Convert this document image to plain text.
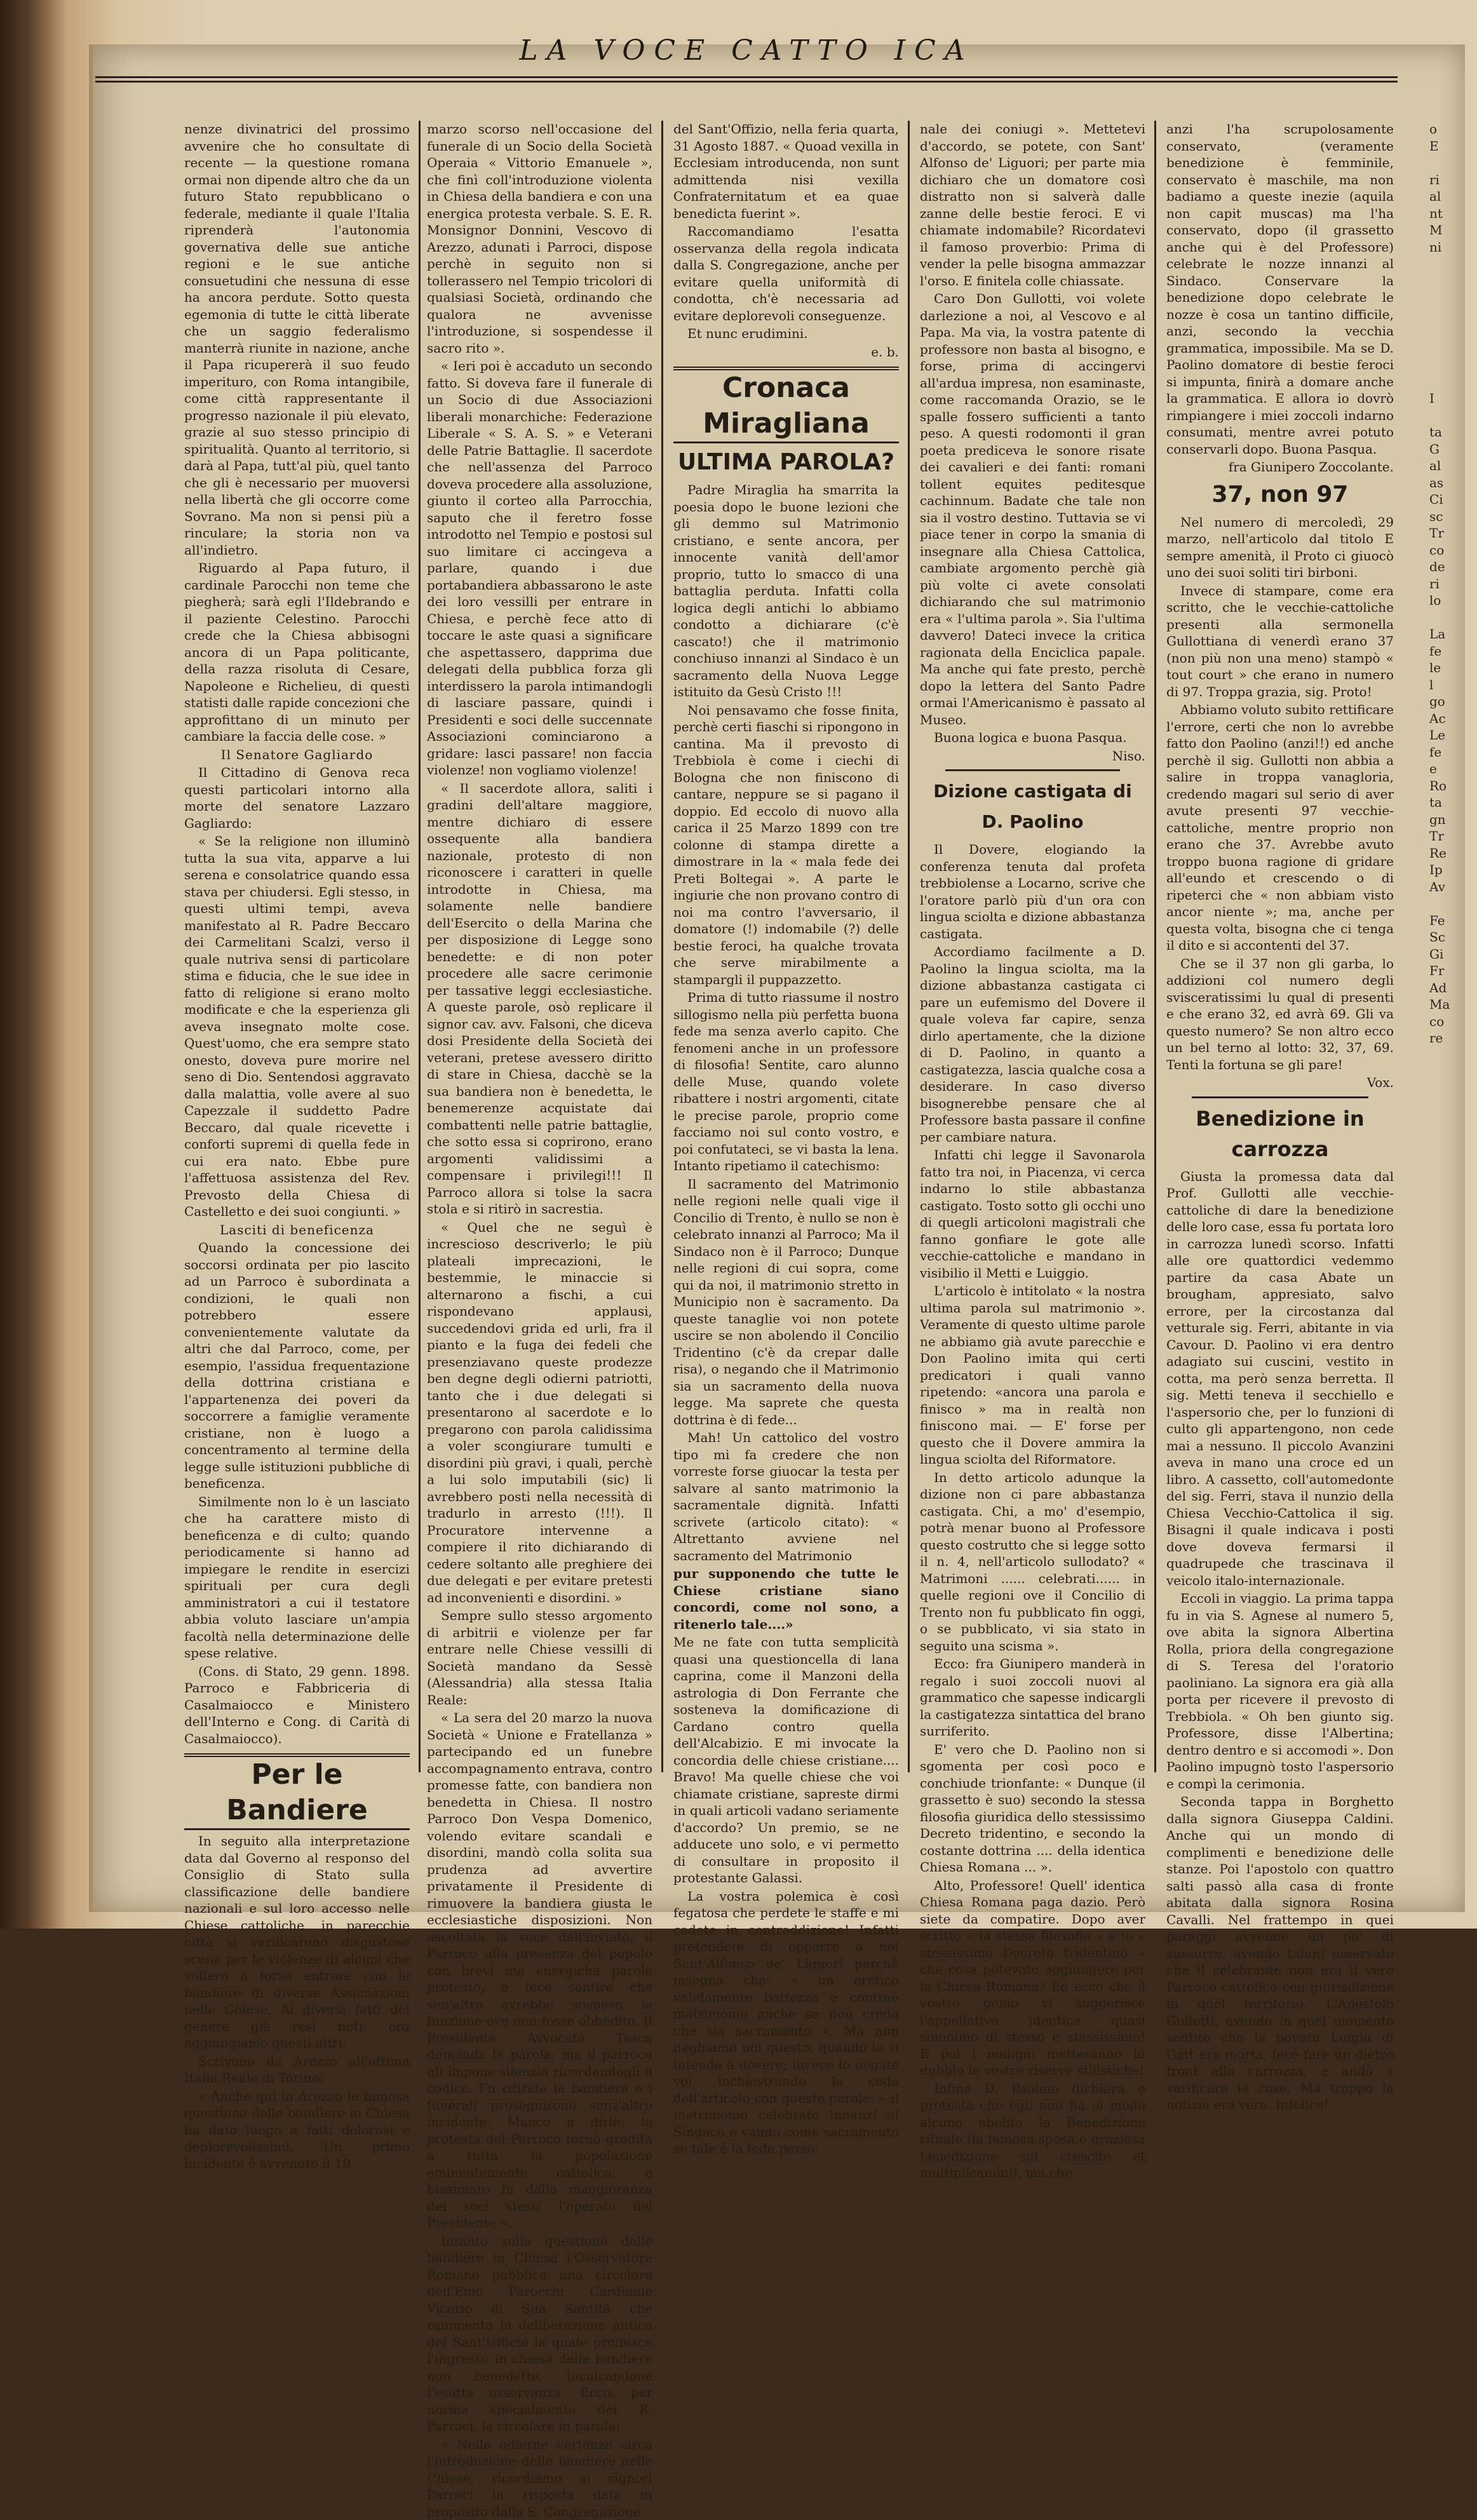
LA VOCE CATTO ICA

nenze divinatrici del prossimo avvenire che ho consultate di recente — la questione romana ormai non dipende altro che da un futuro Stato repubblicano o federale, mediante il quale l'Italia riprenderà l'autonomia governativa delle sue antiche regioni e le sue antiche consuetudini che nessuna di esse ha ancora perdute. Sotto questa egemonia di tutte le città liberate che un saggio federalismo manterrà riunite in nazione, anche il Papa ricupererà il suo feudo imperituro, con Roma intangibile, come città rappresentante il progresso nazionale il più elevato, grazie al suo stesso principio di spiritualità. Quanto al territorio, si darà al Papa, tutt'al più, quel tanto che gli è necessario per muoversi nella libertà che gli occorre come Sovrano. Ma non si pensi più a rinculare; la storia non va all'indietro.

Riguardo al Papa futuro, il cardinale Parocchi non teme che piegherà; sarà egli l'Ildebrando e il paziente Celestino. Parocchi crede che la Chiesa abbisogni ancora di un Papa politicante, della razza risoluta di Cesare, Napoleone e Richelieu, di questi statisti dalle rapide concezioni che approfittano di un minuto per cambiare la faccia delle cose. »

Il Senatore Gagliardo

Il Cittadino di Genova reca questi particolari intorno alla morte del senatore Lazzaro Gagliardo:

« Se la religione non illuminò tutta la sua vita, apparve a lui serena e consolatrice quando essa stava per chiudersi. Egli stesso, in questi ultimi tempi, aveva manifestato al R. Padre Beccaro dei Carmelitani Scalzi, verso il quale nutriva sensi di particolare stima e fiducia, che le sue idee in fatto di religione si erano molto modificate e che la esperienza gli aveva insegnato molte cose. Quest'uomo, che era sempre stato onesto, doveva pure morire nel seno di Dio. Sentendosi aggravato dalla malattia, volle avere al suo Capezzale il suddetto Padre Beccaro, dal quale ricevette i conforti supremi di quella fede in cui era nato. Ebbe pure l'affettuosa assistenza del Rev. Prevosto della Chiesa di Castelletto e dei suoi congiunti. »

Lasciti di beneficenza

Quando la concessione dei soccorsi ordinata per pio lascito ad un Parroco è subordinata a condizioni, le quali non potrebbero essere convenientemente valutate da altri che dal Parroco, come, per esempio, l'assidua frequentazione della dottrina cristiana e l'appartenenza dei poveri da soccorrere a famiglie veramente cristiane, non è luogo a concentramento al termine della legge sulle istituzioni pubbliche di beneficenza.

Similmente non lo è un lasciato che ha carattere misto di beneficenza e di culto; quando periodicamente si hanno ad impiegare le rendite in esercizi spirituali per cura degli amministratori a cui il testatore abbia voluto lasciare un'ampia facoltà nella determinazione delle spese relative.

(Cons. di Stato, 29 genn. 1898. Parroco e Fabbriceria di Casalmaiocco e Ministero dell'Interno e Cong. di Carità di Casalmaiocco).

Per le Bandiere

In seguito alla interpretazione data dal Governo al responso del Consiglio di Stato sulla classificazione delle bandiere nazionali e sul loro accesso nelle Chiese cattoliche, in parecchie città si verificarono disgustose scene per le violenze di alcuni che vollero a forza entrare con le bandiere di diverse Associazioni nelle Chiese. Ai diversi fatti del genere già resi noti, ora aggiungiamo questi altri:

Scrivono da Arezzo all'ottima Italia Reale di Torino:

« Anche qui in Arezzo la famosa questione delle bandiere in Chiesa ha dato luogo a fatti dolorosi e deplorevolissimi. Un primo incidente è avvenuto il 19

marzo scorso nell'occasione del funerale di un Socio della Società Operaia « Vittorio Emanuele », che finì coll'introduzione violenta in Chiesa della bandiera e con una energica protesta verbale. S. E. R. Monsignor Donnini, Vescovo di Arezzo, adunati i Parroci, dispose perchè in seguito non si tollerassero nel Tempio tricolori di qualsiasi Società, ordinando che qualora ne avvenisse l'introduzione, si sospendesse il sacro rito ».

« Ieri poi è accaduto un secondo fatto. Si doveva fare il funerale di un Socio di due Associazioni liberali monarchiche: Federazione Liberale « S. A. S. » e Veterani delle Patrie Battaglie. Il sacerdote che nell'assenza del Parroco doveva procedere alla assoluzione, giunto il corteo alla Parrocchia, saputo che il feretro fosse introdotto nel Tempio e postosi sul suo limitare ci accingeva a parlare, quando i due portabandiera abbassarono le aste dei loro vessilli per entrare in Chiesa, e perchè fece atto di toccare le aste quasi a significare che aspettassero, dapprima due delegati della pubblica forza gli interdissero la parola intimandogli di lasciare passare, quindi i Presidenti e soci delle succennate Associazioni cominciarono a gridare: lasci passare! non faccia violenze! non vogliamo violenze!

« Il sacerdote allora, saliti i gradini dell'altare maggiore, mentre dichiaro di essere ossequente alla bandiera nazionale, protesto di non riconoscere i caratteri in quelle introdotte in Chiesa, ma solamente nelle bandiere dell'Esercito o della Marina che per disposizione di Legge sono benedette: e di non poter procedere alle sacre cerimonie per tassative leggi ecclesiastiche. A queste parole, osò replicare il signor cav. avv. Falsoni, che diceva dosi Presidente della Società dei veterani, pretese avessero diritto di stare in Chiesa, dacchè se la sua bandiera non è benedetta, le benemerenze acquistate dai combattenti nelle patrie battaglie, che sotto essa si coprirono, erano argomenti validissimi a compensare i privilegi!!! Il Parroco allora si tolse la sacra stola e si ritirò in sacrestia.

« Quel che ne seguì è increscioso descriverlo; le più plateali imprecazioni, le bestemmie, le minaccie si alternarono a fischi, a cui rispondevano applausi, succedendovi grida ed urli, fra il pianto e la fuga dei fedeli che presenziavano queste prodezze ben degne degli odierni patriotti, tanto che i due delegati si presentarono al sacerdote e lo pregarono con parola calidissima a voler scongiurare tumulti e disordini più gravi, i quali, perchè a lui solo imputabili (sic) li avrebbero posti nella necessità di tradurlo in arresto (!!!). Il Procuratore intervenne a compiere il rito dichiarando di cedere soltanto alle preghiere dei due delegati e per evitare pretesti ad inconvenienti e disordini. »

Sempre sullo stesso argomento di arbitrii e violenze per far entrare nelle Chiese vessilli di Società mandano da Sessè (Alessandria) alla stessa Italia Reale:

« La sera del 20 marzo la nuova Società « Unione e Fratellanza » partecipando ed un funebre accompagnamento entrava, contro promesse fatte, con bandiera non benedetta in Chiesa. Il nostro Parroco Don Vespa Domenico, volendo evitare scandali e disordini, mandò colla solita sua prudenza ad avvertire privatamente il Presidente di rimuovere la bandiera giusta le ecclesiastiche disposizioni. Non ascoltata la voce dell'inviato, il Parroco alla presenza del popolo con brevi ma energiche parole protesto, e fece sentire che sen'altro avrebbe sospeso la funzione ove non fosse obbedito. Il Presidente Avvocato Tasca domanda la parola: ma il parroco gli impone silenzio ricordandogli il codice. Fu ritirata la bandiera e i funerali proseguirono senz'altro incidente. Manco a dirlo: la protesta del Parroco tornò gradita a tutta la popolazione eminentemente cattolica, e biasimato fu dalla maggioranza dei soci stessi l'operato del Presidente ».

Intanto sulla questione delle bandiere in Chiesa l'Osservatore Romano pubblica una circolare dell'Emo Parocchi Cardinale Vicario di Sua Santità che rammenta la deliberazione antica del Sant'Ufficio la quale proibisce l'ingresso in chiesa delle bandiere non benedette, inculcandone l'esatta osservanza. Ecco, per norma specialmente dei R. Parroci, la circolare in parola:

« Nelle odierne vertenze circa l'introduzione delle bandiere nelle Chiese, ricordiamo ai signori Parroci la risposta data in proposito dalla S. Congregazione

del Sant'Offizio, nella feria quarta, 31 Agosto 1887. « Quoad vexilla in Ecclesiam introducenda, non sunt admittenda nisi vexilla Confraternitatum et ea quae benedicta fuerint ».

Raccomandiamo l'esatta osservanza della regola indicata dalla S. Congregazione, anche per evitare quella uniformità di condotta, ch'è necessaria ad evitare deplorevoli conseguenze.

Et nunc erudimini.

e. b.

Cronaca Miragliana
ULTIMA PAROLA?

Padre Miraglia ha smarrita la poesia dopo le buone lezioni che gli demmo sul Matrimonio cristiano, e sente ancora, per innocente vanità dell'amor proprio, tutto lo smacco di una battaglia perduta. Infatti colla logica degli antichi lo abbiamo condotto a dichiarare (c'è cascato!) che il matrimonio conchiuso innanzi al Sindaco è un sacramento della Nuova Legge istituito da Gesù Cristo !!!

Noi pensavamo che fosse finita, perchè certi fiaschi si ripongono in cantina. Ma il prevosto di Trebbiola è come i ciechi di Bologna che non finiscono di cantare, neppure se si pagano il doppio. Ed eccolo di nuovo alla carica il 25 Marzo 1899 con tre colonne di stampa dirette a dimostrare in la « mala fede dei Preti Boltegai ». A parte le ingiurie che non provano contro di noi ma contro l'avversario, il domatore (!) indomabile (?) delle bestie feroci, ha qualche trovata che serve mirabilmente a stampargli il puppazzetto.

Prima di tutto riassume il nostro sillogismo nella più perfetta buona fede ma senza averlo capito. Che fenomeni anche in un professore di filosofia! Sentite, caro alunno delle Muse, quando volete ribattere i nostri argomenti, citate le precise parole, proprio come facciamo noi sul conto vostro, e poi confutateci, se vi basta la lena. Intanto ripetiamo il catechismo:

Il sacramento del Matrimonio nelle regioni nelle quali vige il Concilio di Trento, è nullo se non è celebrato innanzi al Parroco; Ma il Sindaco non è il Parroco; Dunque nelle regioni di cui sopra, come qui da noi, il matrimonio stretto in Municipio non è sacramento. Da queste tanaglie voi non potete uscire se non abolendo il Concilio Tridentino (c'è da crepar dalle risa), o negando che il Matrimonio sia un sacramento della nuova legge. Ma saprete che questa dottrina è di fede...

Mah! Un cattolico del vostro tipo mi fa credere che non vorreste forse giuocar la testa per salvare al santo matrimonio la sacramentale dignità. Infatti scrivete (articolo citato): « Altrettanto avviene nel sacramento del Matrimonio

pur supponendo che tutte le Chiese cristiane siano concordi, come nol sono, a ritenerlo tale....»

Me ne fate con tutta semplicità quasi una questioncella di lana caprina, come il Manzoni della astrologia di Don Ferrante che sosteneva la domificazione di Cardano contro quella dell'Alcabizio. E mi invocate la concordia delle chiese cristiane.... Bravo! Ma quelle chiese che voi chiamate cristiane, sapreste dirmi in quali articoli vadano seriamente d'accordo? Un premio, se ne adducete uno solo, e vi permetto di consultare in proposito il protestante Galassi.

La vostra polemica è così fegatosa che perdete le staffe e mi cadete in contraddizione! Infatti pretendete di opporre a noi Sant'Alfonso de' Liguori perchè insegna che: « un eretico validamente battezza e contrae matrimonio anche se non creda che sia sacramento ». Ma non neghiamo noi questo, quando lo si intenda a dovere; invece lo negate voi inchiostrando la coda dell'articolo con queste parole: « il matrimonio celebrato innanzi al Sindaco è valido come sacramento se tale è la fede perso-

nale dei coniugi ». Mettetevi d'accordo, se potete, con Sant' Alfonso de' Liguori; per parte mia dichiaro che un domatore così distratto non si salverà dalle zanne delle bestie feroci. E vi chiamate indomabile? Ricordatevi il famoso proverbio: Prima di vender la pelle bisogna ammazzar l'orso. E finitela colle chiassate.

Caro Don Gullotti, voi volete darlezione a noi, al Vescovo e al Papa. Ma via, la vostra patente di professore non basta al bisogno, e forse, prima di accingervi all'ardua impresa, non esaminaste, come raccomanda Orazio, se le spalle fossero sufficienti a tanto peso. A questi rodomonti il gran poeta prediceva le sonore risate dei cavalieri e dei fanti: romani tollent equites peditesque cachinnum. Badate che tale non sia il vostro destino. Tuttavia se vi piace tener in corpo la smania di insegnare alla Chiesa Cattolica, cambiate argomento perchè già più volte ci avete consolati dichiarando che sul matrimonio era « l'ultima parola ». Sia l'ultima davvero! Dateci invece la critica ragionata della Enciclica papale. Ma anche qui fate presto, perchè dopo la lettera del Santo Padre ormai l'Americanismo è passato al Museo.

Buona logica e buona Pasqua.

Niso.

Dizione castigata di D. Paolino

Il Dovere, elogiando la conferenza tenuta dal profeta trebbiolense a Locarno, scrive che l'oratore parlò più d'un ora con lingua sciolta e dizione abbastanza castigata.

Accordiamo facilmente a D. Paolino la lingua sciolta, ma la dizione abbastanza castigata ci pare un eufemismo del Dovere il quale voleva far capire, senza dirlo apertamente, che la dizione di D. Paolino, in quanto a castigatezza, lascia qualche cosa a desiderare. In caso diverso bisognerebbe pensare che al Professore basta passare il confine per cambiare natura.

Infatti chi legge il Savonarola fatto tra noi, in Piacenza, vi cerca indarno lo stile abbastanza castigato. Tosto sotto gli occhi uno di quegli articoloni magistrali che fanno gonfiare le gote alle vecchie-cattoliche e mandano in visibilio il Metti e Luiggio.

L'articolo è intitolato « la nostra ultima parola sul matrimonio ». Veramente di questo ultime parole ne abbiamo già avute parecchie e Don Paolino imita qui certi predicatori i quali vanno ripetendo: «ancora una parola e finisco » ma in realtà non finiscono mai. — E' forse per questo che il Dovere ammira la lingua sciolta del Riformatore.

In detto articolo adunque la dizione non ci pare abbastanza castigata. Chi, a mo' d'esempio, potrà menar buono al Professore questo costrutto che si legge sotto il n. 4, nell'articolo sullodato? « Matrimoni ...... celebrati...... in quelle regioni ove il Concilio di Trento non fu pubblicato fin oggi, o se pubblicato, vi sia stato in seguito una scisma ».

Ecco: fra Giunipero manderà in regalo i suoi zoccoli nuovi al grammatico che sapesse indicargli la castigatezza sintattica del brano surriferito.

E' vero che D. Paolino non si sgomenta per così poco e conchiude trionfante: « Dunque (il grassetto è suo) secondo la stessa filosofia giuridica dello stessissimo Decreto tridentino, e secondo la costante dottrina .... della identica Chiesa Romana ... ».

Alto, Professore! Quell' identica Chiesa Romana paga dazio. Però siete da compatire. Dopo aver scritto « la stessa filosofia » e lo « stessissimo Decreto tridentino » che cosa potevate aggiungere per la Chiesa Romana? Ed ecco che il vostro genio vi suggerisce l'appellativo identica quasi sinonimo di stesso e stessissimo! E poi i maligni metteranno in dubbio le vostre riserve stilistiche!

Infine D. Paolino dichiara e protesta che egli non ha in modo alcuno abolita la Benedizione rituale (la famosa sposa e graziosa benedizione sul crescite et multiplicamini), ma che

anzi l'ha scrupolosamente conservato, (veramente benedizione è femminile, conservato è maschile, ma non badiamo a queste inezie (aquila non capit muscas) ma l'ha conservato, dopo (il grassetto anche qui è del Professore) celebrate le nozze innanzi al Sindaco. Conservare la benedizione dopo celebrate le nozze è cosa un tantino difficile, anzi, secondo la vecchia grammatica, impossibile. Ma se D. Paolino domatore di bestie feroci si impunta, finirà a domare anche la grammatica. E allora io dovrò rimpiangere i miei zoccoli indarno consumati, mentre avrei potuto conservarli dopo. Buona Pasqua.

fra Giunipero Zoccolante.

37, non 97

Nel numero di mercoledì, 29 marzo, nell'articolo dal titolo E sempre amenità, il Proto ci giuocò uno dei suoi soliti tiri birboni.

Invece di stampare, come era scritto, che le vecchie-cattoliche presenti alla sermonella Gullottiana di venerdì erano 37 (non più non una meno) stampò « tout court » che erano in numero di 97. Troppa grazia, sig. Proto!

Abbiamo voluto subito rettificare l'errore, certi che non lo avrebbe fatto don Paolino (anzi!!) ed anche perchè il sig. Gullotti non abbia a salire in troppa vanagloria, credendo magari sul serio di aver avute presenti 97 vecchie-cattoliche, mentre proprio non erano che 37. Avrebbe avuto troppo buona ragione di gridare all'eundo et crescendo o di ripeterci che « non abbiam visto ancor niente »; ma, anche per questa volta, bisogna che ci tenga il dito e si accontenti del 37.

Che se il 37 non gli garba, lo addizioni col numero degli svisceratissimi lu qual di presenti e che erano 32, ed avrà 69. Gli va questo numero? Se non altro ecco un bel terno al lotto: 32, 37, 69. Tenti la fortuna se gli pare!

Vox.

Benedizione in carrozza

Giusta la promessa data dal Prof. Gullotti alle vecchie-cattoliche di dare la benedizione delle loro case, essa fu portata loro in carrozza lunedì scorso. Infatti alle ore quattordici vedemmo partire da casa Abate un brougham, appresiato, salvo errore, per la circostanza dal vetturale sig. Ferri, abitante in via Cavour. D. Paolino vi era dentro adagiato sui cuscini, vestito in cotta, ma però senza berretta. Il sig. Metti teneva il secchiello e l'aspersorio che, per lo funzioni di culto gli appartengono, non cede mai a nessuno. Il piccolo Avanzini aveva in mano una croce ed un libro. A cassetto, coll'automedonte del sig. Ferri, stava il nunzio della Chiesa Vecchio-Cattolica il sig. Bisagni il quale indicava i posti dove doveva fermarsi il quadrupede che trascinava il veicolo italo-internazionale.

Eccoli in viaggio. La prima tappa fu in via S. Agnese al numero 5, ove abita la signora Albertina Rolla, priora della congregazione di S. Teresa del l'oratorio paoliniano. La signora era già alla porta per ricevere il prevosto di Trebbiola. « Oh ben giunto sig. Professore, disse l'Albertina; dentro dentro e si accomodi ». Don Paolino impugnò tosto l'aspersorio e compì la cerimonia.

Seconda tappa in Borghetto dalla signora Giuseppa Caldini. Anche qui un mondo di complimenti e benedizione delle stanze. Poi l'apostolo con quattro salti passò alla casa di fronte abitata dalla signora Rosina Cavalli. Nel frattempo in quei paraggi avvenne un po' di sussurro, avendo taluni osservato che il celebrante non era il vero Parroco cattolico con giurisdizione in quel territorio. L'Apostolo Gullotti, avendo in quel momento sentito che la povera Luigia di Gatt era morta, fece fare un dietro front alla carrozza, e andò a verificare le cose. Ma troppo la notizia era vera. Infelice!

o
E

ri
al
nt
M
ni

I

ta
G
al
as
Ci
sc
Tr
co
de
ri
lo

La
fe
le
l
go
Ac
Le
fe
e
Ro
ta
gn
Tr
Re
Ip
Av

Fe
Sc
Gi
Fr
Ad
Ma
co
re
